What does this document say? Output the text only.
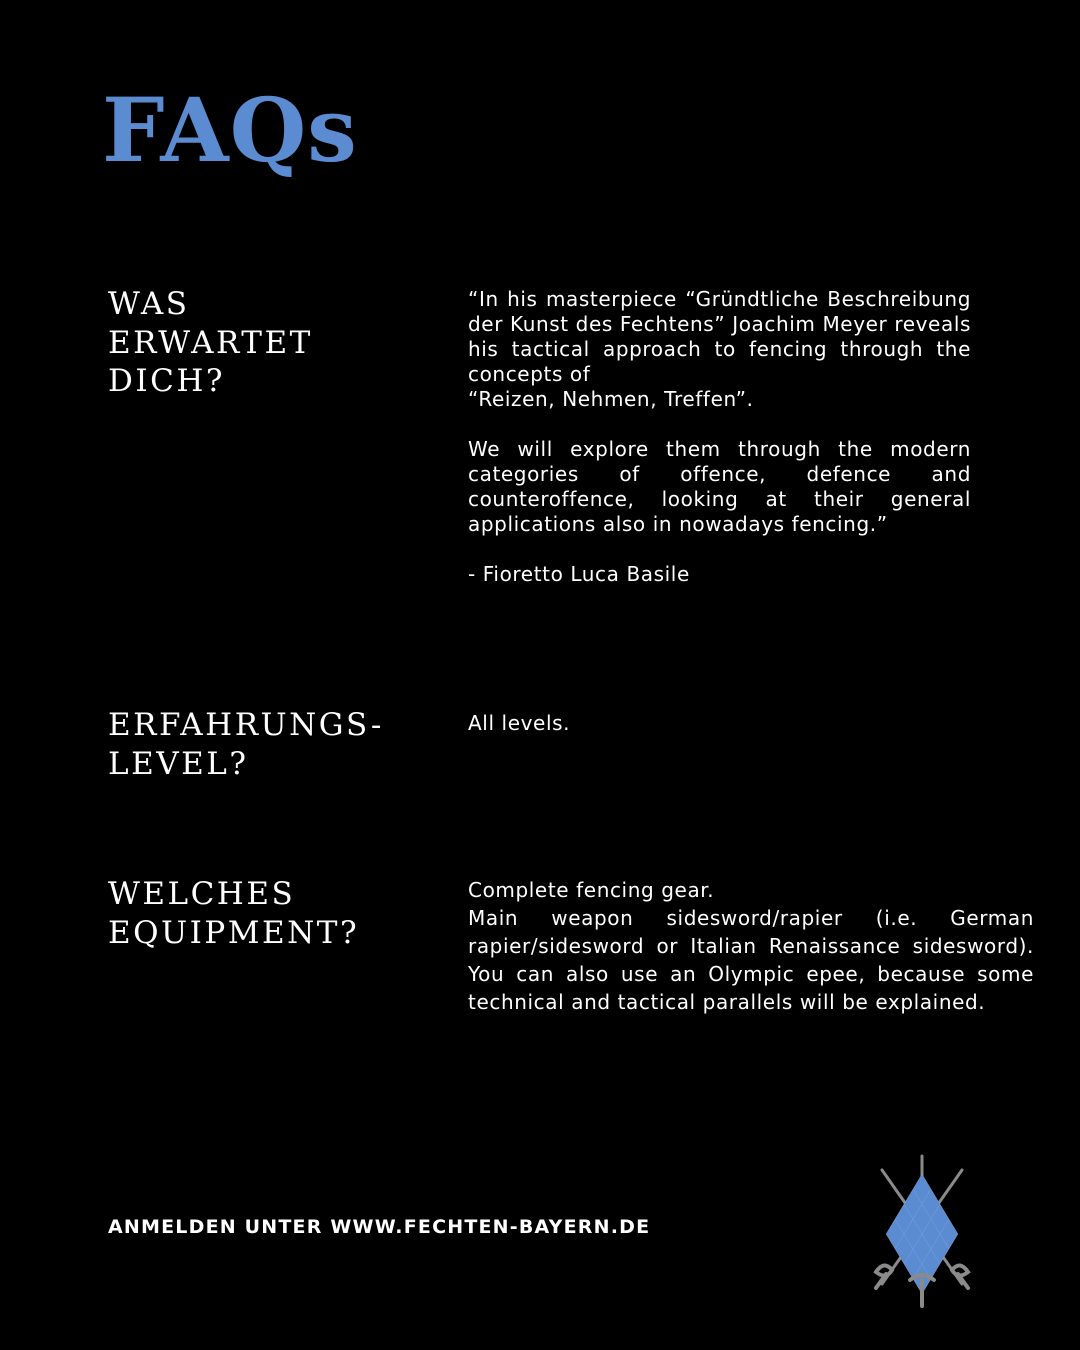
FAQs
WAS
ERWARTET
DICH?

“In his masterpiece “Gründtliche Beschreibung der Kunst des Fechtens” Joachim Meyer reveals his tactical approach to fencing through the concepts of

“Reizen, Nehmen, Treffen”.

We will explore them through the modern categories of offence, defence and counteroffence, looking at their general applications also in nowadays fencing.”

- Fioretto Luca Basile

ERFAHRUNGS-
LEVEL?

All levels.

WELCHES
EQUIPMENT?

Complete fencing gear.

Main weapon sidesword/rapier (i.e. German rapier/sidesword or Italian Renaissance sidesword). You can also use an Olympic epee, because some technical and tactical parallels will be explained.

ANMELDEN UNTER WWW.FECHTEN-BAYERN.DE
